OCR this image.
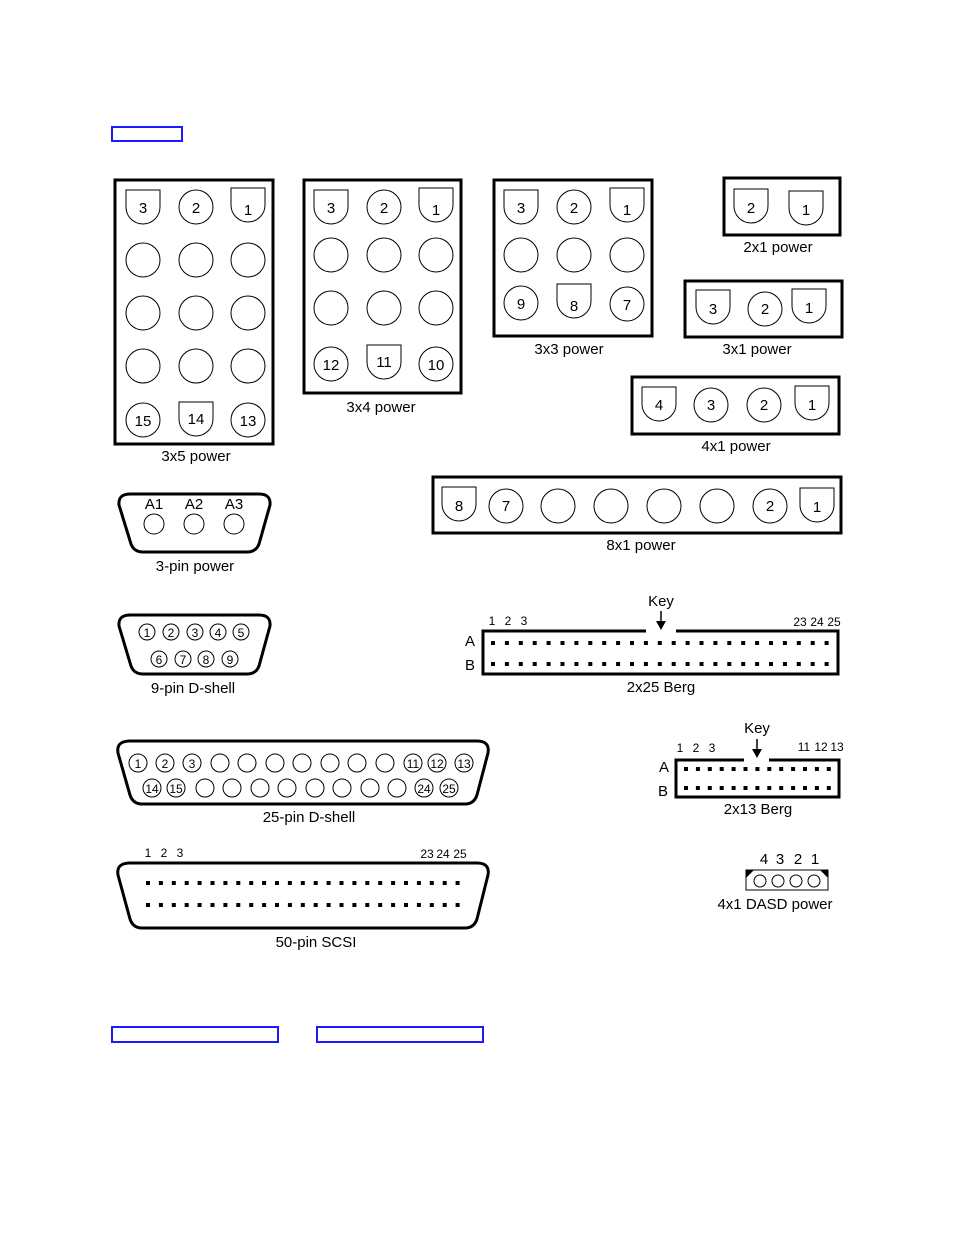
3x5 power
3	2	1
15 14 13
3x4 power
3	2	1
12 11 10
3x3 power
3	2	1
9	8	7
2x1 power
2	1
3x1 power
3	2 1
4x1 power
4	3	2	1
8x1 power
8	7	2	1
3-pin power
A1 A2 A3
9-pin D-shell
1 2 3 4 5
6 7 8 9
25-pin D-shell
1 2 3	11 12 13
14 15	24 25
50-pin SCSI
1 2 3	23 24 25
Key
A
B
2x25 Berg
1 2 3	23 24 25
Key
A
B
2x13 Berg
1 2 3	11 12 13
4x1 DASD power
4 3 2 1
